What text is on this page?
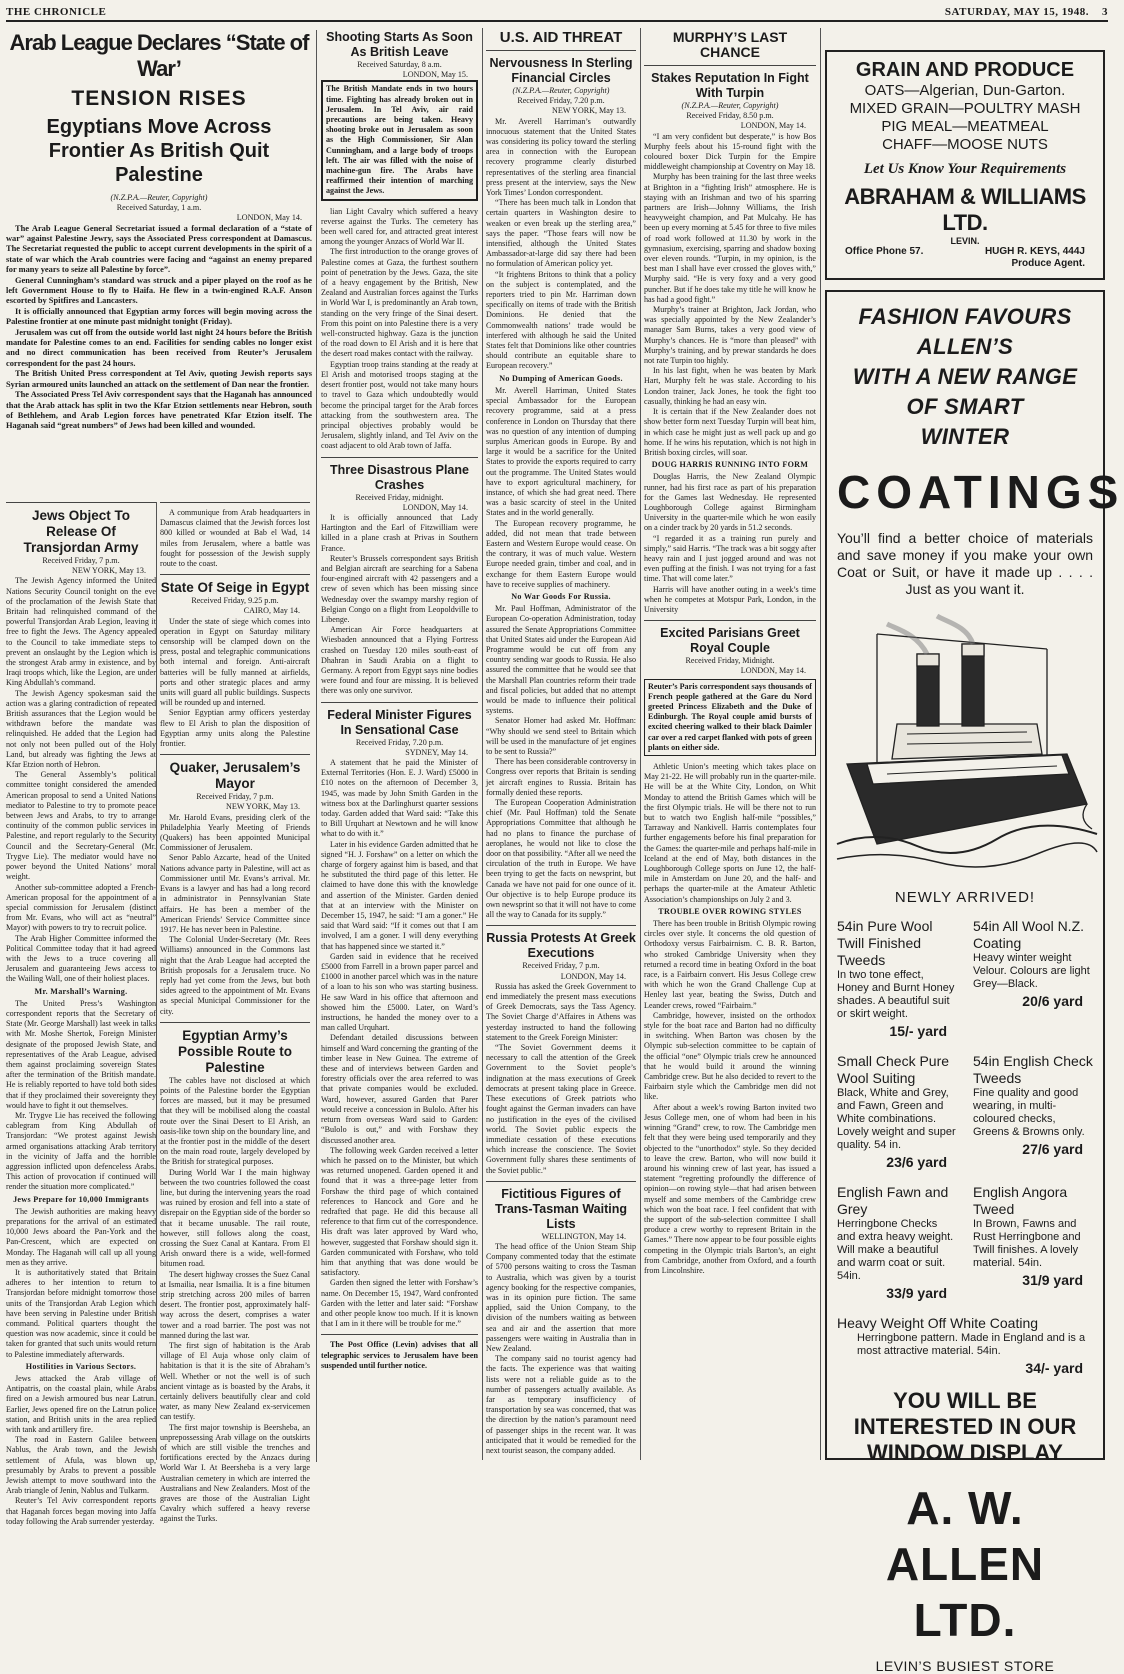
THE CHRONICLE	SATURDAY, MAY 15, 1948. 3
Arab League Declares “State of War’
TENSION RISES
Egyptians Move Across Frontier As British Quit Palestine
(N.Z.P.A.—Reuter, Copyright)
Received Saturday, 1 a.m.
LONDON, May 14.

The Arab League General Secretariat issued a formal declaration of a “state of war” against Palestine Jewry, says the Associated Press correspondent at Damascus. The Secretariat requested the public to accept current developments in the spirit of a state of war which the Arab countries were facing and “against an enemy prepared for many years to seize all Palestine by force”.

General Cunningham’s standard was struck and a piper played on the roof as he left Government House to fly to Haifa. He flew in a twin-engined R.A.F. Anson escorted by Spitfires and Lancasters.

It is officially announced that Egyptian army forces will begin moving across the Palestine frontier at one minute past midnight tonight (Friday).

Jerusalem was cut off from the outside world last night 24 hours before the British mandate for Palestine comes to an end. Facilities for sending cables no longer exist and no direct communication has been received from Reuter’s Jerusalem correspondent for the past 24 hours.

The British United Press correspondent at Tel Aviv, quoting Jewish reports says Syrian armoured units launched an attack on the settlement of Dan near the frontier.

The Associated Press Tel Aviv correspondent says that the Haganah has announced that the Arab attack has split in two the Kfar Etzion settlements near Hebron, south of Bethlehem, and Arab Legion forces have penetrated Kfar Etzion itself. The Haganah said “great numbers” of Jews had been killed and wounded.

Jews Object To Release Of Transjordan Army
Received Friday, 7 p.m.
NEW YORK, May 13.

The Jewish Agency informed the United Nations Security Council tonight on the eve of the proclamation of the Jewish State that Britain had relinquished command of the powerful Transjordan Arab Legion, leaving it free to fight the Jews. The Agency appealed to the Council to take immediate steps to prevent an onslaught by the Legion which is the strongest Arab army in existence, and by Iraqi troops which, like the Legion, are under King Abdullah’s command.

The Jewish Agency spokesman said the action was a glaring contradiction of repeated British assurances that the Legion would be withdrawn before the mandate was relinquished. He added that the Legion had not only not been pulled out of the Holy Land, but already was fighting the Jews at Kfar Etzion north of Hebron.

The General Assembly’s political committee tonight considered the amended American proposal to send a United Nations mediator to Palestine to try to promote peace between Jews and Arabs, to try to arrange continuity of the common public services in Palestine, and report regularly to the Security Council and the Secretary-General (Mr. Trygve Lie). The mediator would have no power beyond the United Nations’ moral weight.

Another sub-committee adopted a French-American proposal for the appointment of a special commission for Jerusalem (distinct from Mr. Evans, who will act as “neutral” Mayor) with powers to try to recruit police.

The Arab Higher Committee informed the Political Committee today that it had agreed with the Jews to a truce covering all Jerusalem and guaranteeing Jews access to the Wailing Wall, one of their holiest places.

Mr. Marshall’s Warning.

The United Press’s Washington correspondent reports that the Secretary of State (Mr. George Marshall) last week in talks with Mr. Moshe Shertok, Foreign Minister designate of the proposed Jewish State, and representatives of the Arab League, advised them against proclaiming sovereign States after the termination of the British mandate. He is reliably reported to have told both sides that if they proclaimed their sovereignty they would have to fight it out themselves.

Mr. Trygve Lie has received the following cablegram from King Abdullah of Transjordan: “We protest against Jewish armed organisations attacking Arab territory in the vicinity of Jaffa and the horrible aggression inflicted upon defenceless Arabs. This action of provocation if continued will render the situation more complicated.”

Jews Prepare for 10,000 Immigrants

The Jewish authorities are making heavy preparations for the arrival of an estimated 10,000 Jews aboard the Pan-York and the Pan-Crescent, which are expected on Monday. The Haganah will call up all young men as they arrive.

It is authoritatively stated that Britain adheres to her intention to return to Transjordan before midnight tomorrow those units of the Transjordan Arab Legion which have been serving in Palestine under British command. Political quarters thought the question was now academic, since it could be taken for granted that such units would return to Palestine immediately afterwards.

Hostilities in Various Sectors.

Jews attacked the Arab village of Antipatris, on the coastal plain, while Arabs fired on a Jewish armoured bus near Latrun. Earlier, Jews opened fire on the Latrun police station, and British units in the area replied with tank and artillery fire.

The road in Eastern Galilee between Nablus, the Arab town, and the Jewish settlement of Afula, was blown up, presumably by Arabs to prevent a possible Jewish attempt to move southward into the Arab triangle of Jenin, Nablus and Tulkarm.

Reuter’s Tel Aviv correspondent reports that Haganah forces began moving into Jaffa today following the Arab surrender yesterday.

A communique from Arab headquarters in Damascus claimed that the Jewish forces lost 800 killed or wounded at Bab el Wad, 14 miles from Jerusalem, where a battle was fought for possession of the Jewish supply route to the coast.

State Of Seige in Egypt
Received Friday, 9.25 p.m.
CAIRO, May 14.

Under the state of siege which comes into operation in Egypt on Saturday military censorship will be clamped down on the press, postal and telegraphic communications both internal and foreign. Anti-aircraft batteries will be fully manned at airfields, ports and other strategic places and army units will guard all public buildings. Suspects will be rounded up and interned.

Senior Egyptian army officers yesterday flew to El Arish to plan the disposition of Egyptian army units along the Palestine frontier.

Quaker, Jerusalem’s Mayor
Received Friday, 7 p.m.
NEW YORK, May 13.

Mr. Harold Evans, presiding clerk of the Philadelphia Yearly Meeting of Friends (Quakers) has been appointed Municipal Commissioner of Jerusalem.

Senor Pablo Azcarte, head of the United Nations advance party in Palestine, will act as Commissioner until Mr. Evans’s arrival. Mr. Evans is a lawyer and has had a long record in administrator in Pennsylvanian State affairs. He has been a member of the American Friends’ Service Committee since 1917. He has never been in Palestine.

The Colonial Under-Secretary (Mr. Rees Williams) announced in the Commons last night that the Arab League had accepted the British proposals for a Jerusalem truce. No reply had yet come from the Jews, but both sides agreed to the appointment of Mr. Evans as special Municipal Commissioner for the city.

Egyptian Army’s Possible Route to Palestine

The cables have not disclosed at which points of the Palestine border the Egyptian forces are massed, but it may be presumed that they will be mobilised along the coastal route over the Sinai Desert to El Arish, an oasis-like town ship on the boundary line, and at the frontier post in the middle of the desert on the main road route, largely developed by the British for strategical purposes.

During World War I the main highway between the two countries followed the coast line, but during the intervening years the road was ruined by erosion and fell into a state of disrepair on the Egyptian side of the border so that it became unusable. The rail route, however, still follows along the coast, crossing the Suez Canal at Kantara. From El Arish onward there is a wide, well-formed bitumen road.

The desert highway crosses the Suez Canal at Ismailia, near Ismailia. It is a fine bitumen strip stretching across 200 miles of barren desert. The frontier post, approximately half-way across the desert, comprises a water tower and a road barrier. The post was not manned during the last war.

The first sign of habitation is the Arab village of El Auja whose only claim of habitation is that it is the site of Abraham’s Well. Whether or not the well is of such ancient vintage as is boasted by the Arabs, it certainly delivers beautifully clear and cold water, as many New Zealand ex-servicemen can testify.

The first major township is Beersheba, an unprepossessing Arab village on the outskirts of which are still visible the trenches and fortifications erected by the Anzacs during World War I. At Beersheba is a very large Australian cemetery in which are interred the Australians and New Zealanders. Most of the graves are those of the Australian Light Cavalry which suffered a heavy reverse against the Turks.

U.S. AID THREAT
Nervousness In Sterling Financial Circles
(N.Z.P.A.—Reuter, Copyright)
Received Friday, 7.20 p.m.
NEW YORK, May 13.

Mr. Averell Harriman’s outwardly innocuous statement that the United States was considering its policy toward the sterling area in connection with the European recovery programme clearly disturbed representatives of the sterling area financial press present at the interview, says the New York Times’ London correspondent.

“There has been much talk in London that certain quarters in Washington desire to weaken or even break up the sterling area,” says the paper. “Those fears will now be intensified, although the United States Ambassador-at-large did say there had been no formulation of American policy yet.

“It frightens Britons to think that a policy on the subject is contemplated, and the reporters tried to pin Mr. Harriman down specifically on items of trade with the British Dominions. He denied that the Commonwealth nations’ trade would be interfered with although he said the United States felt that Dominions like other countries should contribute an equitable share to European recovery.”

No Dumping of American Goods.

Mr. Averell Harriman, United States special Ambassador for the European recovery programme, said at a press conference in London on Thursday that there was no question of any intention of dumping surplus American goods in Europe. By and large it would be a sacrifice for the United States to provide the exports required to carry out the programme. The United States would have to export agricultural machinery, for instance, of which she had great need. There was a basic scarcity of steel in the United States and in the world generally.

The European recovery programme, he added, did not mean that trade between Eastern and Western Europe would cease. On the contrary, it was of much value. Western Europe needed grain, timber and coal, and in exchange for them Eastern Europe would have to receive supplies of machinery.

No War Goods For Russia.

Mr. Paul Hoffman, Administrator of the European Co-operation Administration, today assured the Senate Appropriations Committee that United States aid under the European Aid Programme would be cut off from any country sending war goods to Russia. He also assured the committee that he would see that the Marshall Plan countries reform their trade and fiscal policies, but added that no attempt would be made to influence their political systems.

Senator Homer had asked Mr. Hoffman: “Why should we send steel to Britain which will be used in the manufacture of jet engines to be sent to Russia?”

There has been considerable controversy in Congress over reports that Britain is sending jet aircraft engines to Russia. Britain has formally denied these reports.

The European Cooperation Administration chief (Mr. Paul Hoffman) told the Senate Appropriations Committee that although he had no plans to finance the purchase of aeroplanes, he would not like to close the door on that possibility. “After all we need the circulation of the truth in Europe. We have been trying to get the facts on newsprint, but Canada we have not paid for one ounce of it. Our objective is to help Europe produce its own newsprint so that it will not have to come all the way to Canada for its supply.”

Russia Protests At Greek Executions
Received Friday, 7 p.m.
LONDON, May 14.

Russia has asked the Greek Government to end immediately the present mass executions of Greek Democrats, says the Tass Agency. The Soviet Charge d’Affaires in Athens was yesterday instructed to hand the following statement to the Greek Foreign Minister:

“The Soviet Government deems it necessary to call the attention of the Greek Government to the Soviet people’s indignation at the mass executions of Greek democrats at present taking place in Greece. These executions of Greek patriots who fought against the German invaders can have no justification in the eyes of the civilised world. The Soviet public expects the immediate cessation of these executions which increase the conscience. The Soviet Government fully shares these sentiments of the Soviet public.”

Fictitious Figures of Trans-Tasman Waiting Lists
WELLINGTON, May 14.

The head office of the Union Steam Ship Company commented today that the estimate of 5700 persons waiting to cross the Tasman to Australia, which was given by a tourist agency booking for the respective companies, was in its opinion pure fiction. The same applied, said the Union Company, to the division of the numbers waiting as between sea and air and the assertion that more passengers were waiting in Australia than in New Zealand.

The company said no tourist agency had the facts. The experience was that waiting lists were not a reliable guide as to the number of passengers actually available. As far as temporary insufficiency of transportation by sea was concerned, that was the direction by the nation’s paramount need of passenger ships in the recent war. It was anticipated that it would be remedied for the next tourist season, the company added.

MURPHY’S LAST CHANCE
Stakes Reputation In Fight With Turpin
(N.Z.P.A.—Reuter, Copyright)
Received Friday, 8.50 p.m.
LONDON, May 14.

“I am very confident but desperate,” is how Bos Murphy feels about his 15-round fight with the coloured boxer Dick Turpin for the Empire middleweight championship at Coventry on May 18.

Murphy has been training for the last three weeks at Brighton in a “fighting Irish” atmosphere. He is staying with an Irishman and two of his sparring partners are Irish—Johnny Williams, the Irish heavyweight champion, and Pat Mulcahy. He has been up every morning at 5.45 for three to five miles of road work followed at 11.30 by work in the gymnasium, exercising, sparring and shadow boxing over eleven rounds. “Turpin, in my opinion, is the best man I shall have ever crossed the gloves with,” Murphy said. “He is very foxy and a very good puncher. But if he does take my title he will know he has had a good fight.”

Murphy’s trainer at Brighton, Jack Jordan, who was specially appointed by the New Zealander’s manager Sam Burns, takes a very good view of Murphy’s chances. He is “more than pleased” with Murphy’s training, and by prewar standards he does not rate Turpin too highly.

In his last fight, when he was beaten by Mark Hart, Murphy felt he was stale. According to his London trainer, Jack Jones, he took the fight too casually, thinking he had an easy win.

It is certain that if the New Zealander does not show better form next Tuesday Turpin will beat him, in which case he might just as well pack up and go home. If he wins his reputation, which is not high in British boxing circles, will soar.

DOUG HARRIS RUNNING INTO FORM

Douglas Harris, the New Zealand Olympic runner, had his first race as part of his preparation for the Games last Wednesday. He represented Loughborough College against Birmingham University in the quarter-mile which he won easily on a cinder track by 20 yards in 51.2 seconds.

“I regarded it as a training run purely and simply,” said Harris. “The track was a bit soggy after heavy rain and I just jogged around and was not even puffing at the finish. I was not trying for a fast time. That will come later.”

Harris will have another outing in a week’s time when he competes at Motspur Park, London, in the University

Excited Parisians Greet Royal Couple
Received Friday, Midnight.
LONDON, May 14.

Reuter’s Paris correspondent says thousands of French people gathered at the Gare du Nord greeted Princess Elizabeth and the Duke of Edinburgh. The Royal couple amid bursts of excited cheering walked to their black Daimler car over a red carpet flanked with pots of green plants on either side.

Athletic Union’s meeting which takes place on May 21-22. He will probably run in the quarter-mile. He will be at the White City, London, on Whit Monday to attend the British Games which will be the first Olympic trials. He will be there not to run but to watch two English half-mile “possibles,” Tarraway and Nankivell. Harris contemplates four further engagements before his final preparation for the Games: the quarter-mile and perhaps half-mile in Iceland at the end of May, both distances in the Loughborough College sports on June 12, the half-mile in Amsterdam on June 20, and the half- and perhaps the quarter-mile at the Amateur Athletic Association’s championships on July 2 and 3.

TROUBLE OVER ROWING STYLES

There has been trouble in British Olympic rowing circles over style. It concerns the old question of Orthodoxy versus Fairbairnism. C. B. R. Barton, who stroked Cambridge University when they returned a record time in beating Oxford in the boat race, is a Fairbairn convert. His Jesus College crew with which he won the Grand Challenge Cup at Henley last year, beating the Swiss, Dutch and Leander crews, rowed “Fairbairn.”

Cambridge, however, insisted on the orthodox style for the boat race and Barton had no difficulty in switching. When Barton was chosen by the Olympic sub-selection committee to be captain of the official “one” Olympic trials crew he announced that he would build it around the winning Cambridge crew. But he also decided to revert to the Fairbairn style which the Cambridge men did not like.

After about a week’s rowing Barton invited two Jesus College men, one of whom had been in his winning “Grand” crew, to row. The Cambridge men felt that they were being used temporarily and they objected to the “unorthodox” style. So they decided to leave the crew. Barton, who will now build it around his winning crew of last year, has issued a statement “regretting profoundly the difference of opinion—on rowing style—that had arisen between myself and some members of the Cambridge crew which won the boat race. I feel confident that with the support of the sub-selection committee I shall produce a crew worthy to represent Britain in the Games.” There now appear to be four possible eights competing in the Olympic trials Barton’s, an eight from Cambridge, another from Oxford, and a fourth from Lincolnshire.

GRAIN AND PRODUCE
OATS—Algerian, Dun-Garton.
MIXED GRAIN—POULTRY MASH
PIG MEAL—MEATMEAL
CHAFF—MOOSE NUTS
Let Us Know Your Requirements
ABRAHAM & WILLIAMS LTD.
LEVIN.
Office Phone 57.	HUGH R. KEYS, 444J
Produce Agent.
FASHION FAVOURS ALLEN’S
WITH A NEW RANGE OF SMART
WINTER
COATINGS
You’ll find a better choice of materials and save money if you make your own Coat or Suit, or have it made up . . . . Just as you want it.
NEWLY ARRIVED!
54in Pure Wool Twill Finished Tweeds
In two tone effect, Honey and Burnt Honey shades. A beautiful suit or skirt weight.
15/- yard
54in All Wool N.Z. Coating
Heavy winter weight Velour. Colours are light Grey—Black.
20/6 yard
Small Check Pure Wool Suiting
Black, White and Grey, and Fawn, Green and White combinations. Lovely weight and super quality. 54 in.
23/6 yard
54in English Check Tweeds
Fine quality and good wearing, in multi-coloured checks, Greens & Browns only.
27/6 yard
English Fawn and Grey
Herringbone Checks and extra heavy weight. Will make a beautiful and warm coat or suit. 54in.
33/9 yard
English Angora Tweed
In Brown, Fawns and Rust Herringbone and Twill finishes. A lovely material. 54in.
31/9 yard
Heavy Weight Off White Coating
Herringbone pattern. Made in England and is a most attractive material. 54in.
34/- yard
YOU WILL BE INTERESTED IN OUR WINDOW DISPLAY
A. W. ALLEN LTD.
LEVIN’S BUSIEST STORE
Shooting Starts As Soon As British Leave
Received Saturday, 8 a.m.
LONDON, May 15.

The British Mandate ends in two hours time. Fighting has already broken out in Jerusalem. In Tel Aviv, air raid precautions are being taken. Heavy shooting broke out in Jerusalem as soon as the High Commissioner, Sir Alan Cunningham, and a large body of troops left. The air was filled with the noise of machine-gun fire. The Arabs have reaffirmed their intention of marching against the Jews.

lian Light Cavalry which suffered a heavy reverse against the Turks. The cemetery has been well cared for, and attracted great interest among the younger Anzacs of World War II.

The first introduction to the orange groves of Palestine comes at Gaza, the furthest southern point of penetration by the Jews. Gaza, the site of a heavy engagement by the British, New Zealand and Australian forces against the Turks in World War I, is predominantly an Arab town, standing on the very fringe of the Sinai desert. From this point on into Palestine there is a very well-constructed highway. Gaza is the junction of the road down to El Arish and it is here that the desert road makes contact with the railway.

Egyptian troop trains standing at the ready at El Arish and motorised troops staging at the desert frontier post, would not take many hours to travel to Gaza which undoubtedly would become the principal target for the Arab forces attacking from the southwestern area. The principal objectives probably would be Jerusalem, slightly inland, and Tel Aviv on the coast adjacent to old Arab town of Jaffa.

Three Disastrous Plane Crashes
Received Friday, midnight.
LONDON, May 14.

It is officially announced that Lady Hartington and the Earl of Fitzwilliam were killed in a plane crash at Privas in Southern France.

Reuter’s Brussels correspondent says British and Belgian aircraft are searching for a Sabena four-engined aircraft with 42 passengers and a crew of seven which has been missing since Wednesday over the swampy marshy region of Belgian Congo on a flight from Leopoldville to Libenge.

American Air Force headquarters at Wiesbaden announced that a Flying Fortress crashed on Tuesday 120 miles south-east of Dhahran in Saudi Arabia on a flight to Germany. A report from Egypt says nine bodies were found and four are missing. It is believed there was only one survivor.

Federal Minister Figures In Sensational Case
Received Friday, 7.20 p.m.
SYDNEY, May 14.

A statement that he paid the Minister of External Territories (Hon. E. J. Ward) £5000 in £10 notes on the afternoon of December 3, 1945, was made by John Smith Garden in the witness box at the Darlinghurst quarter sessions today. Garden added that Ward said: “Take this to Bill Urquhart at Newtown and he will know what to do with it.”

Later in his evidence Garden admitted that he signed “H. J. Forshaw” on a letter on which the charge of forgery against him is based, and that he substituted the third page of this letter. He claimed to have done this with the knowledge and assertion of the Minister. Garden denied that at an interview with the Minister on December 15, 1947, he said: “I am a goner.” He said that Ward said: “If it comes out that I am involved, I am a goner. I will deny everything that has happened since we started it.”

Garden said in evidence that he received £5000 from Farrell in a brown paper parcel and £1000 in another parcel which was in the nature of a loan to his son who was starting business. He saw Ward in his office that afternoon and showed him the £5000. Later, on Ward’s instructions, he handed the money over to a man called Urquhart.

Defendant detailed discussions between himself and Ward concerning the granting of the timber lease in New Guinea. The extreme of these and of interviews between Garden and forestry officials over the area referred to was that private companies would be excluded. Ward, however, assured Garden that Parer would receive a concession in Bulolo. After his return from overseas Ward said to Garden: “Bulolo is out,” and with Forshaw they discussed another area.

The following week Garden received a letter which he passed on to the Minister, but which was returned unopened. Garden opened it and found that it was a three-page letter from Forshaw the third page of which contained references to Hancock and Gore and he redrafted that page. He did this because all reference to that firm cut of the correspondence. His draft was later approved by Ward who, however, suggested that Forshaw should sign it. Garden communicated with Forshaw, who told him that anything that was done would be satisfactory.

Garden then signed the letter with Forshaw’s name. On December 15, 1947, Ward confronted Garden with the letter and later said: “Forshaw and other people know too much. If it is known that I am in it there will be trouble for me.”

The Post Office (Levin) advises that all telegraphic services to Jerusalem have been suspended until further notice.
